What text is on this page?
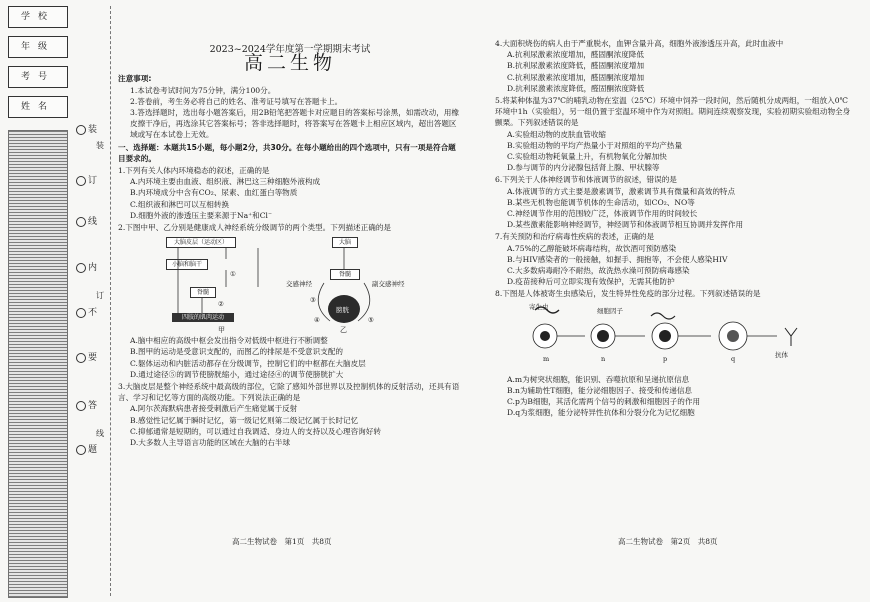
学校
年级
考号
姓名
装
订
线
内
不
要
答
题
装
订
线
2023~2024学年度第一学期期末考试
高二生物

注意事项:

1.本试卷考试时间为75分钟，满分100分。

2.答卷前，考生务必将自己的姓名、准考证号填写在答题卡上。

3.答选择题时，选出每小题答案后，用2B铅笔把答题卡对应题目的答案标号涂黑，如需改动，用橡皮擦干净后，再选涂其它答案标号；答非选择题时，将答案写在答题卡上相应区域内，超出答题区域或写在本试卷上无效。

一、选择题：本题共15小题，每小题2分，共30分。在每小题给出的四个选项中，只有一项是符合题目要求的。

1.下列有关人体内环境稳态的叙述，正确的是

A.内环境主要由血液、组织液、淋巴这三种细胞外液构成

B.内环境成分中含有CO₂、尿素、血红蛋白等物质

C.组织液和淋巴可以互相转换

D.细胞外液的渗透压主要来源于Na⁺和Cl⁻

2.下图中甲、乙分别是健康成人神经系统分级调节的两个类型。下列描述正确的是

大脑皮层（运动区）
小脑和脑干
脊髓
四肢的肌肉运动
甲
①
②
大脑
脊髓
膀胱
交感神经	副交感神经
③
④	⑤
乙

A.脑中相应的高级中枢会发出指令对低级中枢进行不断调整

B.图甲的运动是受意识支配的，而图乙的排尿是不受意识支配的

C.躯体运动和内脏活动都存在分级调节，控制它们的中枢都在大脑皮层

D.通过途径⑤的调节使膀胱缩小，通过途径④的调节使膀胱扩大

3.大脑皮层是整个神经系统中最高级的部位，它除了感知外部世界以及控制机体的反射活动，还具有语言、学习和记忆等方面的高级功能。下列说法正确的是

A.阿尔茨海默病患者接受刺激后产生痛觉属于反射

B.感觉性记忆属于瞬时记忆，第一级记忆则第二级记忆属于长时记忆

C.抑郁通常是短期的，可以通过自我调适、身边人的支持以及心理咨询好转

D.大多数人主导语言功能的区域在大脑的右半球

4.大面积烧伤的病人由于严重脱水，血钾含量升高，细胞外液渗透压升高，此时血液中

A.抗利尿激素浓度增加，醛固酮浓度降低

B.抗利尿激素浓度降低，醛固酮浓度增加

C.抗利尿激素浓度增加，醛固酮浓度增加

D.抗利尿激素浓度降低，醛固酮浓度降低

5.将某种体温为37℃的哺乳动物在室温（25℃）环境中饲养一段时间，然后随机分成两组，一组放入0℃环境中1h（实验组），另一组仍置于室温环境中作为对照组。期间连续观察发现，实验初期实验组动物全身颤栗。下列叙述错误的是

A.实验组动物的皮肤血管收缩

B.实验组动物的平均产热量小于对照组的平均产热量

C.实验组动物耗氧量上升，有机物氧化分解加快

D.参与调节的内分泌腺包括肾上腺、甲状腺等

6.下列关于人体神经调节和体液调节的叙述，错误的是

A.体液调节的方式主要是激素调节，激素调节具有微量和高效的特点

B.某些无机物也能调节机体的生命活动，如CO₂、NO等

C.神经调节作用的范围较广泛，体液调节作用的时间较长

D.某些激素能影响神经调节，神经调节和体液调节相互协调并发挥作用

7.有关预防和治疗病毒性疾病的表述，正确的是

A.75%的乙醇能破坏病毒结构，故饮酒可预防感染

B.与HIV感染者的一般接触，如握手、拥抱等，不会使人感染HIV

C.大多数病毒耐冷不耐热，故洗热水澡可预防病毒感染

D.疫苗接种后可立即实现有效保护，无需其他防护

8.下图是人体被寄生虫感染后，发生特异性免疫的部分过程。下列叙述错误的是

寄生虫	细胞因子
抗体
m	n	p	q

A.m为树突状细胞，能识别、吞噬抗原和呈递抗原信息

B.n为辅助性T细胞，能分泌细胞因子、接受和传递信息

C.p为B细胞，其活化需两个信号的刺激和细胞因子的作用

D.q为浆细胞，能分泌特异性抗体和分裂分化为记忆细胞

高二生物试卷　第1页　共8页	高二生物试卷　第2页　共8页
